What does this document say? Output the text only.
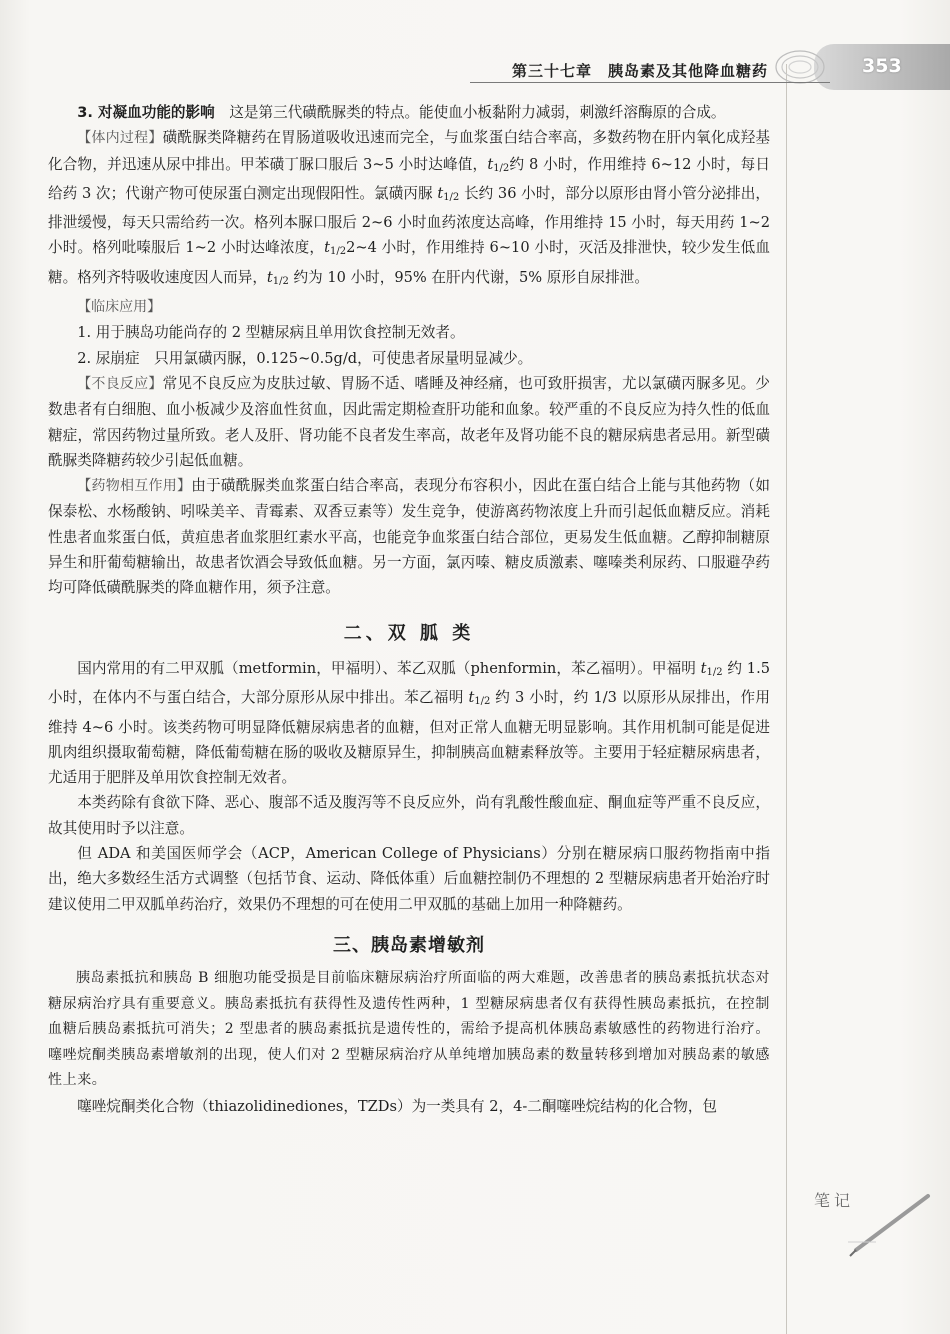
353
第三十七章　胰岛素及其他降血糖药

3. 对凝血功能的影响　 这是第三代磺酰脲类的特点。能使血小板黏附力减弱，刺激纤溶酶原的合成。

【体内过程】磺酰脲类降糖药在胃肠道吸收迅速而完全，与血浆蛋白结合率高，多数药物在肝内氧化成羟基化合物，并迅速从尿中排出。甲苯磺丁脲口服后 3~5 小时达峰值，$t_{1/2}$约 8 小时，作用维持 6~12 小时，每日给药 3 次；代谢产物可使尿蛋白测定出现假阳性。氯磺丙脲 $t_{1/2}$ 长约 36 小时，部分以原形由肾小管分泌排出，排泄缓慢，每天只需给药一次。格列本脲口服后 2~6 小时血药浓度达高峰，作用维持 15 小时，每天用药 1~2 小时。格列吡嗪服后 1~2 小时达峰浓度，$t_{1/2}2\sim 4$ 小时，作用维持 6~10 小时，灭活及排泄快，较少发生低血糖。格列齐特吸收速度因人而异，$t_{1/2}$ 约为 10 小时，95% 在肝内代谢，5% 原形自尿排泄。

【临床应用】

1. 用于胰岛功能尚存的 2 型糖尿病且单用饮食控制无效者。

2. 尿崩症　 只用氯磺丙脲，0.125~0.5g/d，可使患者尿量明显减少。

【不良反应】常见不良反应为皮肤过敏、胃肠不适、嗜睡及神经痛，也可致肝损害，尤以氯磺丙脲多见。少数患者有白细胞、血小板减少及溶血性贫血，因此需定期检查肝功能和血象。较严重的不良反应为持久性的低血糖症，常因药物过量所致。老人及肝、肾功能不良者发生率高，故老年及肾功能不良的糖尿病患者忌用。新型磺酰脲类降糖药较少引起低血糖。

【药物相互作用】由于磺酰脲类血浆蛋白结合率高，表现分布容积小，因此在蛋白结合上能与其他药物（如保泰松、水杨酸钠、吲哚美辛、青霉素、双香豆素等）发生竞争，使游离药物浓度上升而引起低血糖反应。消耗性患者血浆蛋白低，黄疸患者血浆胆红素水平高，也能竞争血浆蛋白结合部位，更易发生低血糖。乙醇抑制糖原异生和肝葡萄糖输出，故患者饮酒会导致低血糖。另一方面，氯丙嗪、糖皮质激素、噻嗪类利尿药、口服避孕药均可降低磺酰脲类的降血糖作用，须予注意。

二、双 胍 类

国内常用的有二甲双胍（metformin，甲福明）、苯乙双胍（phenformin，苯乙福明）。甲福明 $t_{1/2}$ 约 1.5 小时，在体内不与蛋白结合，大部分原形从尿中排出。苯乙福明 $t_{1/2}$ 约 3 小时，约 1/3 以原形从尿排出，作用维持 4~6 小时。该类药物可明显降低糖尿病患者的血糖，但对正常人血糖无明显影响。其作用机制可能是促进肌肉组织摄取葡萄糖，降低葡萄糖在肠的吸收及糖原异生，抑制胰高血糖素释放等。主要用于轻症糖尿病患者，尤适用于肥胖及单用饮食控制无效者。

本类药除有食欲下降、恶心、腹部不适及腹泻等不良反应外，尚有乳酸性酸血症、酮血症等严重不良反应，故其使用时予以注意。

但 ADA 和美国医师学会（ACP，American College of Physicians）分别在糖尿病口服药物指南中指出，绝大多数经生活方式调整（包括节食、运动、降低体重）后血糖控制仍不理想的 2 型糖尿病患者开始治疗时建议使用二甲双胍单药治疗，效果仍不理想的可在使用二甲双胍的基础上加用一种降糖药。

三、胰岛素增敏剂

胰岛素抵抗和胰岛 B 细胞功能受损是目前临床糖尿病治疗所面临的两大难题，改善患者的胰岛素抵抗状态对糖尿病治疗具有重要意义。胰岛素抵抗有获得性及遗传性两种，1 型糖尿病患者仅有获得性胰岛素抵抗，在控制血糖后胰岛素抵抗可消失；2 型患者的胰岛素抵抗是遗传性的，需给予提高机体胰岛素敏感性的药物进行治疗。噻唑烷酮类胰岛素增敏剂的出现，使人们对 2 型糖尿病治疗从单纯增加胰岛素的数量转移到增加对胰岛素的敏感性上来。

噻唑烷酮类化合物（thiazolidinediones，TZDs）为一类具有 2，4-二酮噻唑烷结构的化合物，包

笔记
